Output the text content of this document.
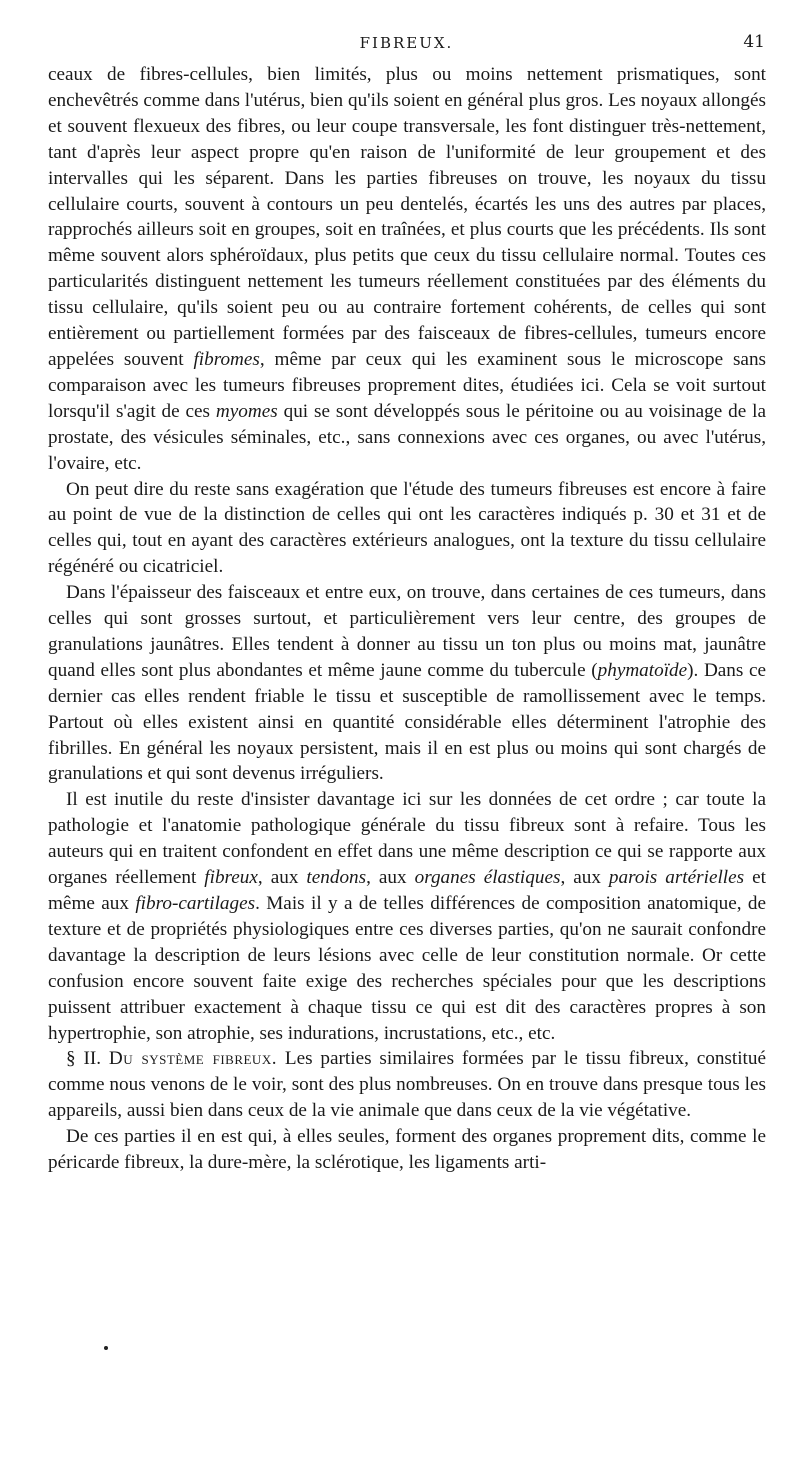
FIBREUX.	41

ceaux de fibres-cellules, bien limités, plus ou moins nettement prismatiques, sont enchevêtrés comme dans l'utérus, bien qu'ils soient en général plus gros. Les noyaux allongés et souvent flexueux des fibres, ou leur coupe transversale, les font distinguer très-nettement, tant d'après leur aspect propre qu'en raison de l'uniformité de leur groupement et des intervalles qui les séparent. Dans les parties fibreuses on trouve, les noyaux du tissu cellulaire courts, souvent à contours un peu dentelés, écartés les uns des autres par places, rapprochés ailleurs soit en groupes, soit en traînées, et plus courts que les précédents. Ils sont même souvent alors sphéroïdaux, plus petits que ceux du tissu cellulaire normal. Toutes ces particularités distinguent nettement les tumeurs réellement constituées par des éléments du tissu cellulaire, qu'ils soient peu ou au contraire fortement cohérents, de celles qui sont entièrement ou partiellement formées par des faisceaux de fibres-cellules, tumeurs encore appelées souvent fibromes, même par ceux qui les examinent sous le microscope sans comparaison avec les tumeurs fibreuses proprement dites, étudiées ici. Cela se voit surtout lorsqu'il s'agit de ces myomes qui se sont développés sous le péritoine ou au voisinage de la prostate, des vésicules séminales, etc., sans connexions avec ces organes, ou avec l'utérus, l'ovaire, etc.

On peut dire du reste sans exagération que l'étude des tumeurs fibreuses est encore à faire au point de vue de la distinction de celles qui ont les caractères indiqués p. 30 et 31 et de celles qui, tout en ayant des caractères extérieurs analogues, ont la texture du tissu cellulaire régénéré ou cicatriciel.

Dans l'épaisseur des faisceaux et entre eux, on trouve, dans certaines de ces tumeurs, dans celles qui sont grosses surtout, et particulièrement vers leur centre, des groupes de granulations jaunâtres. Elles tendent à donner au tissu un ton plus ou moins mat, jaunâtre quand elles sont plus abondantes et même jaune comme du tubercule (phymatoïde). Dans ce dernier cas elles rendent friable le tissu et susceptible de ramollissement avec le temps. Partout où elles existent ainsi en quantité considérable elles déterminent l'atrophie des fibrilles. En général les noyaux persistent, mais il en est plus ou moins qui sont chargés de granulations et qui sont devenus irréguliers.

Il est inutile du reste d'insister davantage ici sur les données de cet ordre ; car toute la pathologie et l'anatomie pathologique générale du tissu fibreux sont à refaire. Tous les auteurs qui en traitent confondent en effet dans une même description ce qui se rapporte aux organes réellement fibreux, aux tendons, aux organes élastiques, aux parois artérielles et même aux fibro-cartilages. Mais il y a de telles différences de composition anatomique, de texture et de propriétés physiologiques entre ces diverses parties, qu'on ne saurait confondre davantage la description de leurs lésions avec celle de leur constitution normale. Or cette confusion encore souvent faite exige des recherches spéciales pour que les descriptions puissent attribuer exactement à chaque tissu ce qui est dit des caractères propres à son hypertrophie, son atrophie, ses indurations, incrustations, etc., etc.

§ II. Du système fibreux. Les parties similaires formées par le tissu fibreux, constitué comme nous venons de le voir, sont des plus nombreuses. On en trouve dans presque tous les appareils, aussi bien dans ceux de la vie animale que dans ceux de la vie végétative.

De ces parties il en est qui, à elles seules, forment des organes proprement dits, comme le péricarde fibreux, la dure-mère, la sclérotique, les ligaments arti-
